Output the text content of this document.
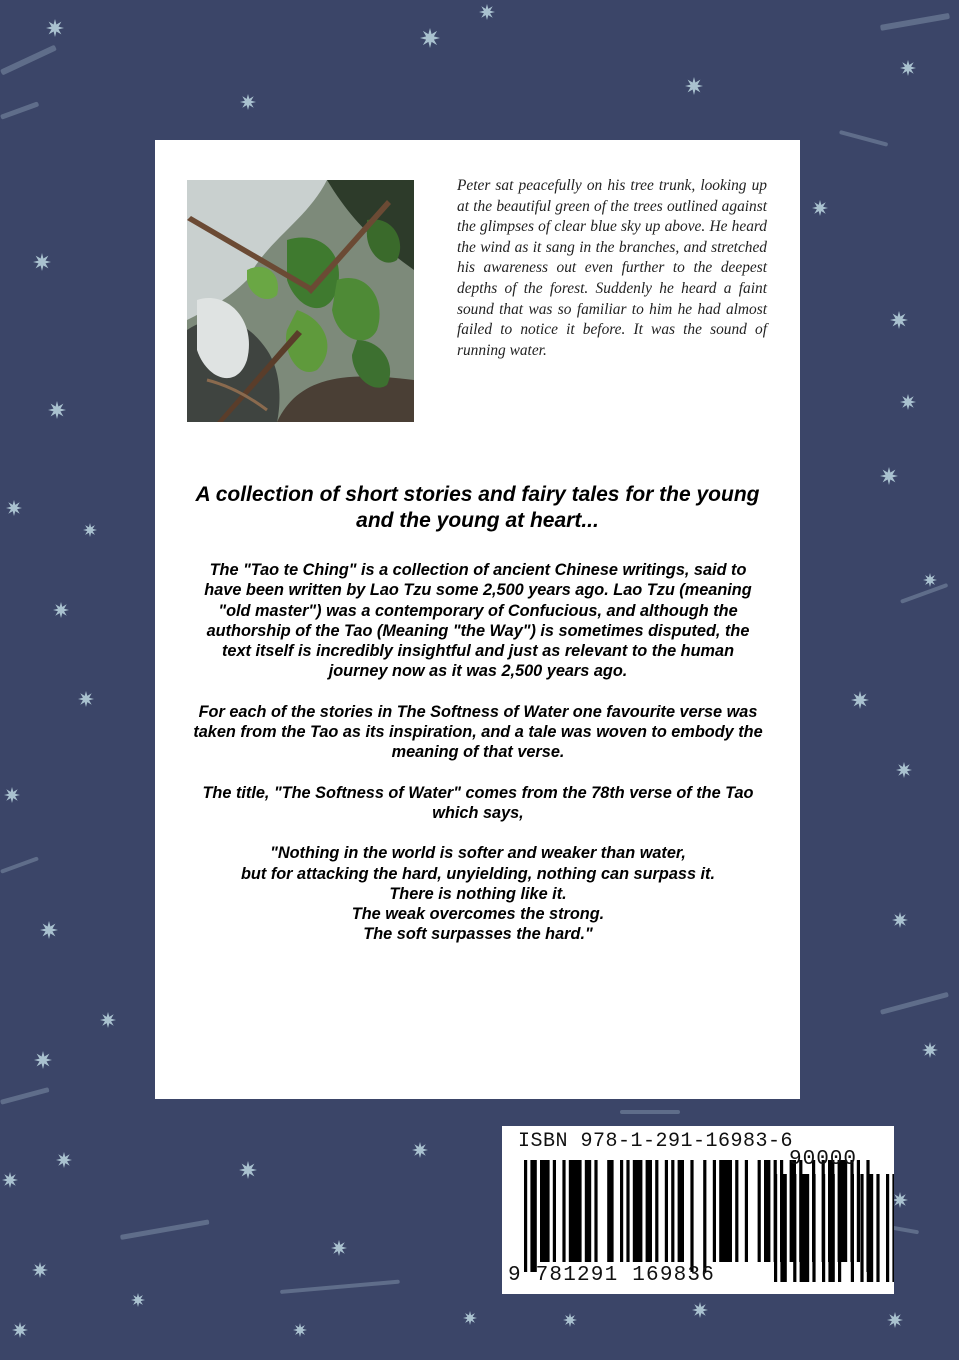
Peter sat peacefully on his tree trunk, looking up at the beautiful green of the trees outlined against the glimpses of clear blue sky up above. He heard the wind as it sang in the branches, and stretched his awareness out even further to the deepest depths of the forest. Suddenly he heard a faint sound that was so familiar to him he had almost failed to notice it before. It was the sound of running water.
A collection of short stories and fairy tales for the young and the young at heart...

The "Tao te Ching" is a collection of ancient Chinese writings, said to have been written by Lao Tzu some 2,500 years ago. Lao Tzu (meaning "old master") was a contemporary of Confucious, and although the authorship of the Tao (Meaning "the Way") is sometimes disputed, the text itself is incredibly insightful and just as relevant to the human journey now as it was 2,500 years ago.

For each of the stories in The Softness of Water one favourite verse was taken from the Tao as its inspiration, and a tale was woven to embody the meaning of that verse.

The title, "The Softness of Water" comes from the 78th verse of the Tao which says,

"Nothing in the world is softer and weaker than water,
but for attacking the hard, unyielding, nothing can surpass it.
There is nothing like it.
The weak overcomes the strong.
The soft surpasses the hard."
ISBN 978-1-291-16983-6
90000
9 781291 169836
